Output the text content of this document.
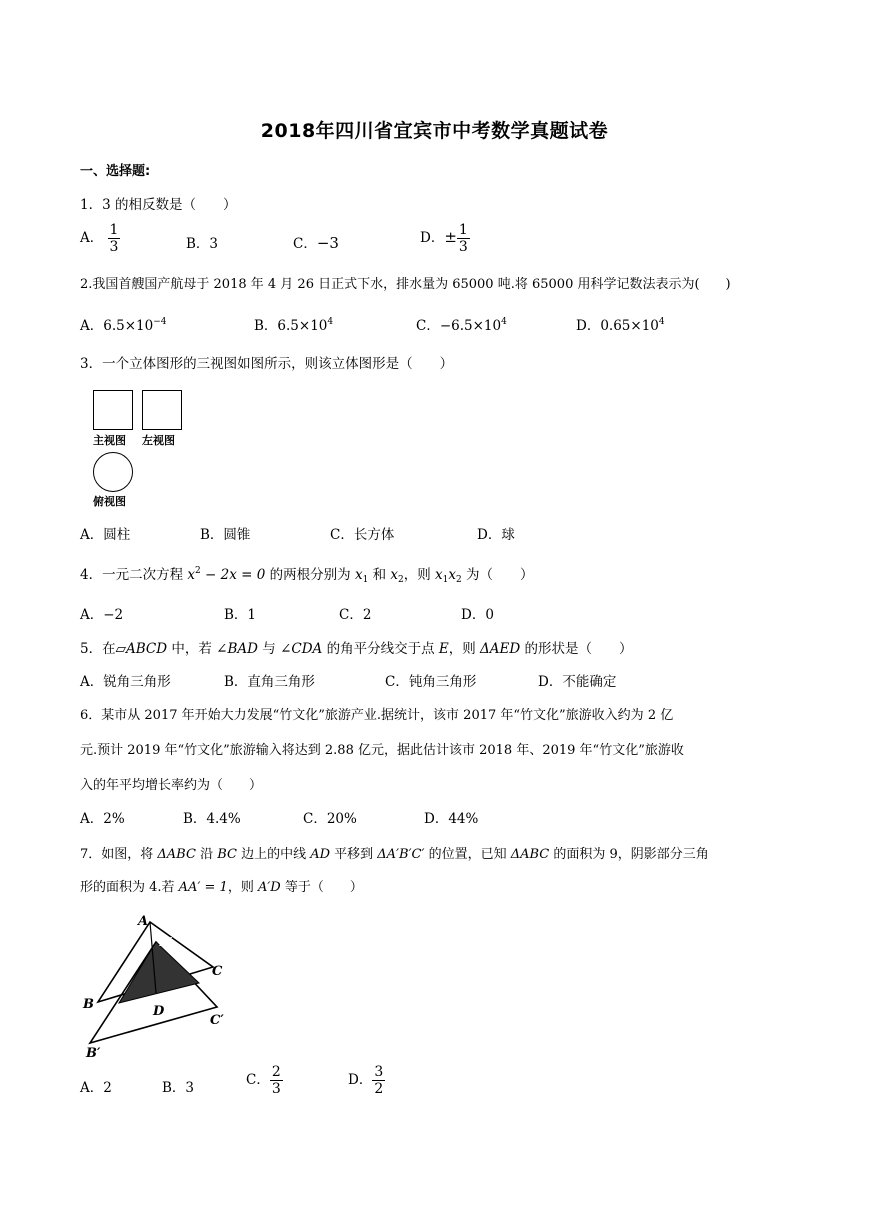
2018年四川省宜宾市中考数学真题试卷
一、选择题:
1．3 的相反数是（　　）
A． $\frac{1}{3}$	B．3	C．−3	D．± $\frac{1}{3}$
2.我国首艘国产航母于 2018 年 4 月 26 日正式下水，排水量为 65000 吨.将 65000 用科学记数法表示为(　　)
A．$6.5\times 10^{-4}$	B．$6.5\times 10^4$	C．$-6.5\times 10^4$	D．$0.65\times 10^4$
3．一个立体图形的三视图如图所示，则该立体图形是（　　）
主视图 左视图
俯视图
A．圆柱	B．圆锥	C．长方体	D．球
4．一元二次方程 $x^2 - 2x = 0$ 的两根分别为 $x_1$ 和 $x_2$，则 $x_1x_2$ 为（　　）
A．−2	B．1	C．2	D．0
5．在▱ABCD 中，若 ∠BAD 与 ∠CDA 的角平分线交于点 E，则 ΔAED 的形状是（　　）
A．锐角三角形	B．直角三角形	C．钝角三角形	D．不能确定
6．某市从 2017 年开始大力发展“竹文化”旅游产业.据统计，该市 2017 年“竹文化”旅游收入约为 2 亿
元.预计 2019 年“竹文化”旅游输入将达到 2.88 亿元，据此估计该市 2018 年、2019 年“竹文化”旅游收
入的年平均增长率约为（　　）
A．2%	B．4.4%	C．20%	D．44%
7．如图，将 ΔABC 沿 BC 边上的中线 AD 平移到 ΔA′B′C′ 的位置，已知 ΔABC 的面积为 9，阴影部分三角
形的面积为 4.若 AA′ = 1，则 A′D 等于（　　）
A
A′
B
C
D
B′
C′
A．2	B．3	C． $\frac{2}{3}$	D． $\frac{3}{2}$
